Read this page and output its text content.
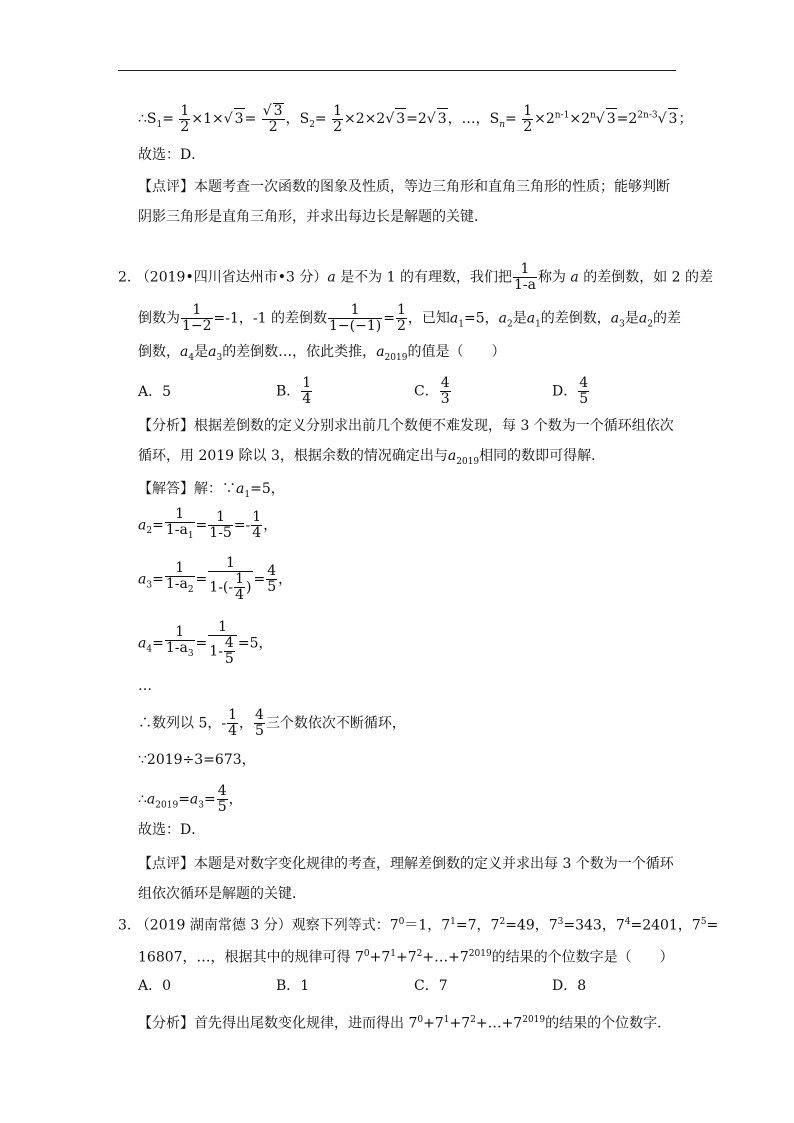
$\therefore S_1= \frac{1}{2} \times 1\times√$ $3= \frac{√ 3}{2}$ ，$S_2= \frac{1}{2} \times 2\times 2√$ 3=2√ 3，…，$S_n= \frac{1}{2} \times 2^{n-1}\times 2^n√$ $3=2^{2n-3}√$ 3；
故选：D．
【点评】本题考查一次函数的图象及性质，等边三角形和直角三角形的性质；能够判断
阴影三角形是直角三角形，并求出每边长是解题的关键．
2. （2019•四川省达州市•3 分）a 是不为 1 的有理数，我们把 $\frac{1}{1-a}$ 称为 a 的差倒数，如 2 的差
倒数为 $\frac{1}{1-2} =-1$，-1 的差倒数 $\frac{1}{1-(-1)} = \frac{1}{2}$ ，已知$a_1=5$，$a_2$是$a_1$的差倒数，$a_3$是$a_2$的差
倒数，$a_4$是$a_3$的差倒数…，依此类推，$a_{2019}$的值是（　　）
A．5	B． $\frac{1}{4}$	C． $\frac{4}{3}$	D． $\frac{4}{5}$
【分析】根据差倒数的定义分别求出前几个数便不难发现，每 3 个数为一个循环组依次
循环，用 2019 除以 3，根据余数的情况确定出与$a_{2019}$相同的数即可得解．
【解答】解：$\because a_1=5$，
$a_2= \frac{1}{1-a_1} = \frac{1}{1-5} =- \frac{1}{4}$ ，
$a_3= \frac{1}{1-a_2} = \frac{1}{1-(- \frac{1}{4} )} = \frac{4}{5}$ ，
$a_4= \frac{1}{1-a_3} = \frac{1}{1- \frac{4}{5}} =5$，
…
∴数列以 5，- $\frac{1}{4}$ ， $\frac{4}{5}$ 三个数依次不断循环，
∵2019÷3=673，
$\therefore a_{2019}=a_3= \frac{4}{5}$ ，
故选：D．
【点评】本题是对数字变化规律的考查，理解差倒数的定义并求出每 3 个数为一个循环
组依次循环是解题的关键．
3. （2019 湖南常德 3 分）观察下列等式：$7^0=1$，$7^1=7$，$7^2=49$，$7^3=343$，$7^4=2401$，$7^5=$
16807，…，根据其中的规律可得 $7^0+7^1+7^2+\dots+7^{2019}$的结果的个位数字是（　　）
A．0	B．1	C．7	D．8
【分析】首先得出尾数变化规律，进而得出 $7^0+7^1+7^2+\dots+7^{2019}$的结果的个位数字．
